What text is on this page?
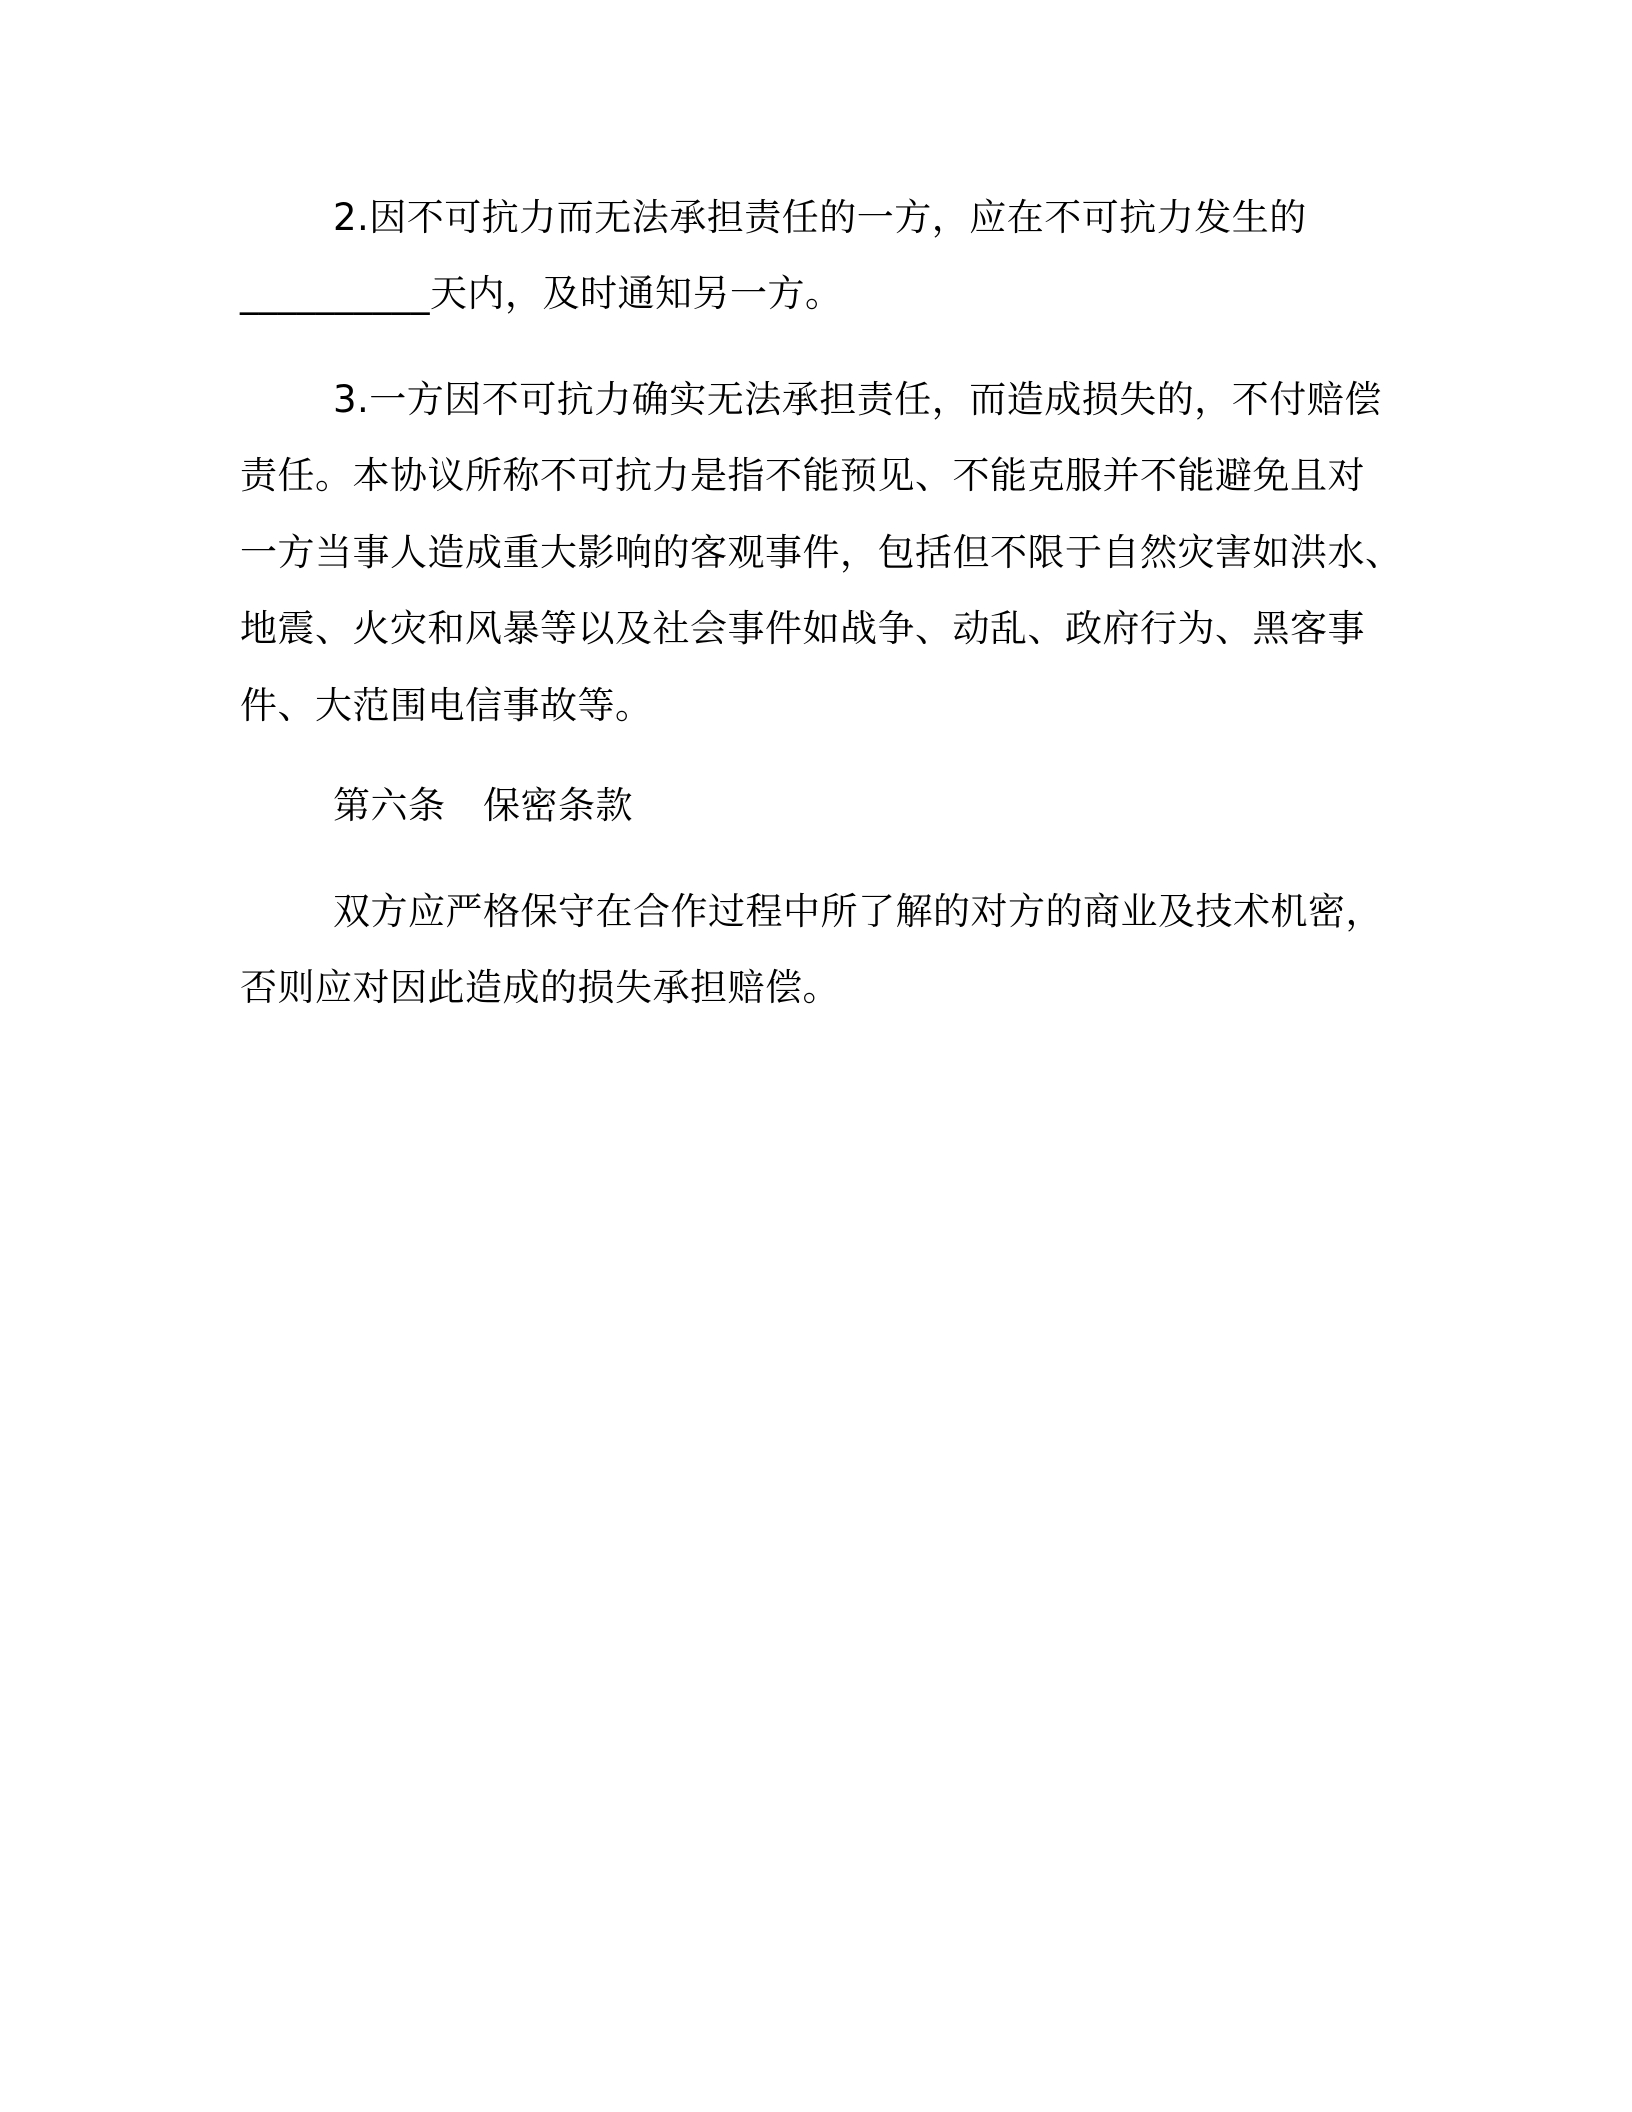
2.因不可抗力而无法承担责任的一方，应在不可抗力发生的
__________天内，及时通知另一方。
3.一方因不可抗力确实无法承担责任，而造成损失的，不付赔偿
责任。本协议所称不可抗力是指不能预见、不能克服并不能避免且对
一方当事人造成重大影响的客观事件，包括但不限于自然灾害如洪水、
地震、火灾和风暴等以及社会事件如战争、动乱、政府行为、黑客事
件、大范围电信事故等。
第六条　保密条款
双方应严格保守在合作过程中所了解的对方的商业及技术机密，
否则应对因此造成的损失承担赔偿。
